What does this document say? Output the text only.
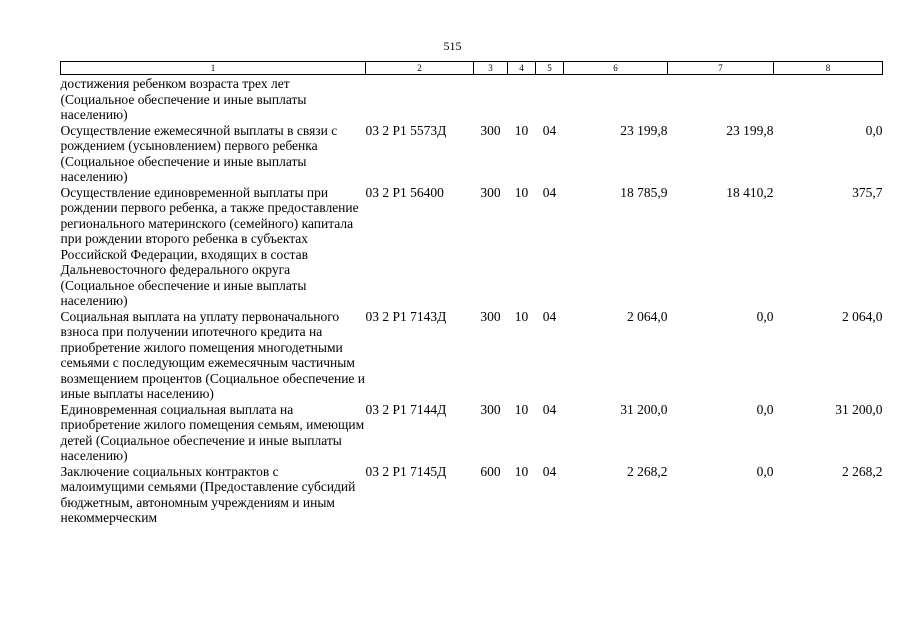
515
1	2	3	4	5	6	7	8
достижения ребенком возраста трех лет (Социальное обеспечение и иные выплаты населению)							
Осуществление ежемесячной выплаты в связи с рождением (усыновлением) первого ребенка (Социальное обеспечение и иные выплаты населению)	03 2 P1 5573Д	300	10	04	23 199,8	23 199,8	0,0
Осуществление единовременной выплаты при рождении первого ребенка, а также предоставление регионального материнского (семейного) капитала при рождении второго ребенка в субъектах Российской Федерации, входящих в состав Дальневосточного федерального округа (Социальное обеспечение и иные выплаты населению)	03 2 P1 56400	300	10	04	18 785,9	18 410,2	375,7
Социальная выплата на уплату первоначального взноса при получении ипотечного кредита на приобретение жилого помещения многодетными семьями с последующим ежемесячным частичным возмещением процентов (Социальное обеспечение и иные выплаты населению)	03 2 P1 7143Д	300	10	04	2 064,0	0,0	2 064,0
Единовременная социальная выплата на приобретение жилого помещения семьям, имеющим детей (Социальное обеспечение и иные выплаты населению)	03 2 P1 7144Д	300	10	04	31 200,0	0,0	31 200,0
Заключение социальных контрактов с малоимущими семьями (Предоставление субсидий бюджетным, автономным учреждениям и иным некоммерческим	03 2 P1 7145Д	600	10	04	2 268,2	0,0	2 268,2
